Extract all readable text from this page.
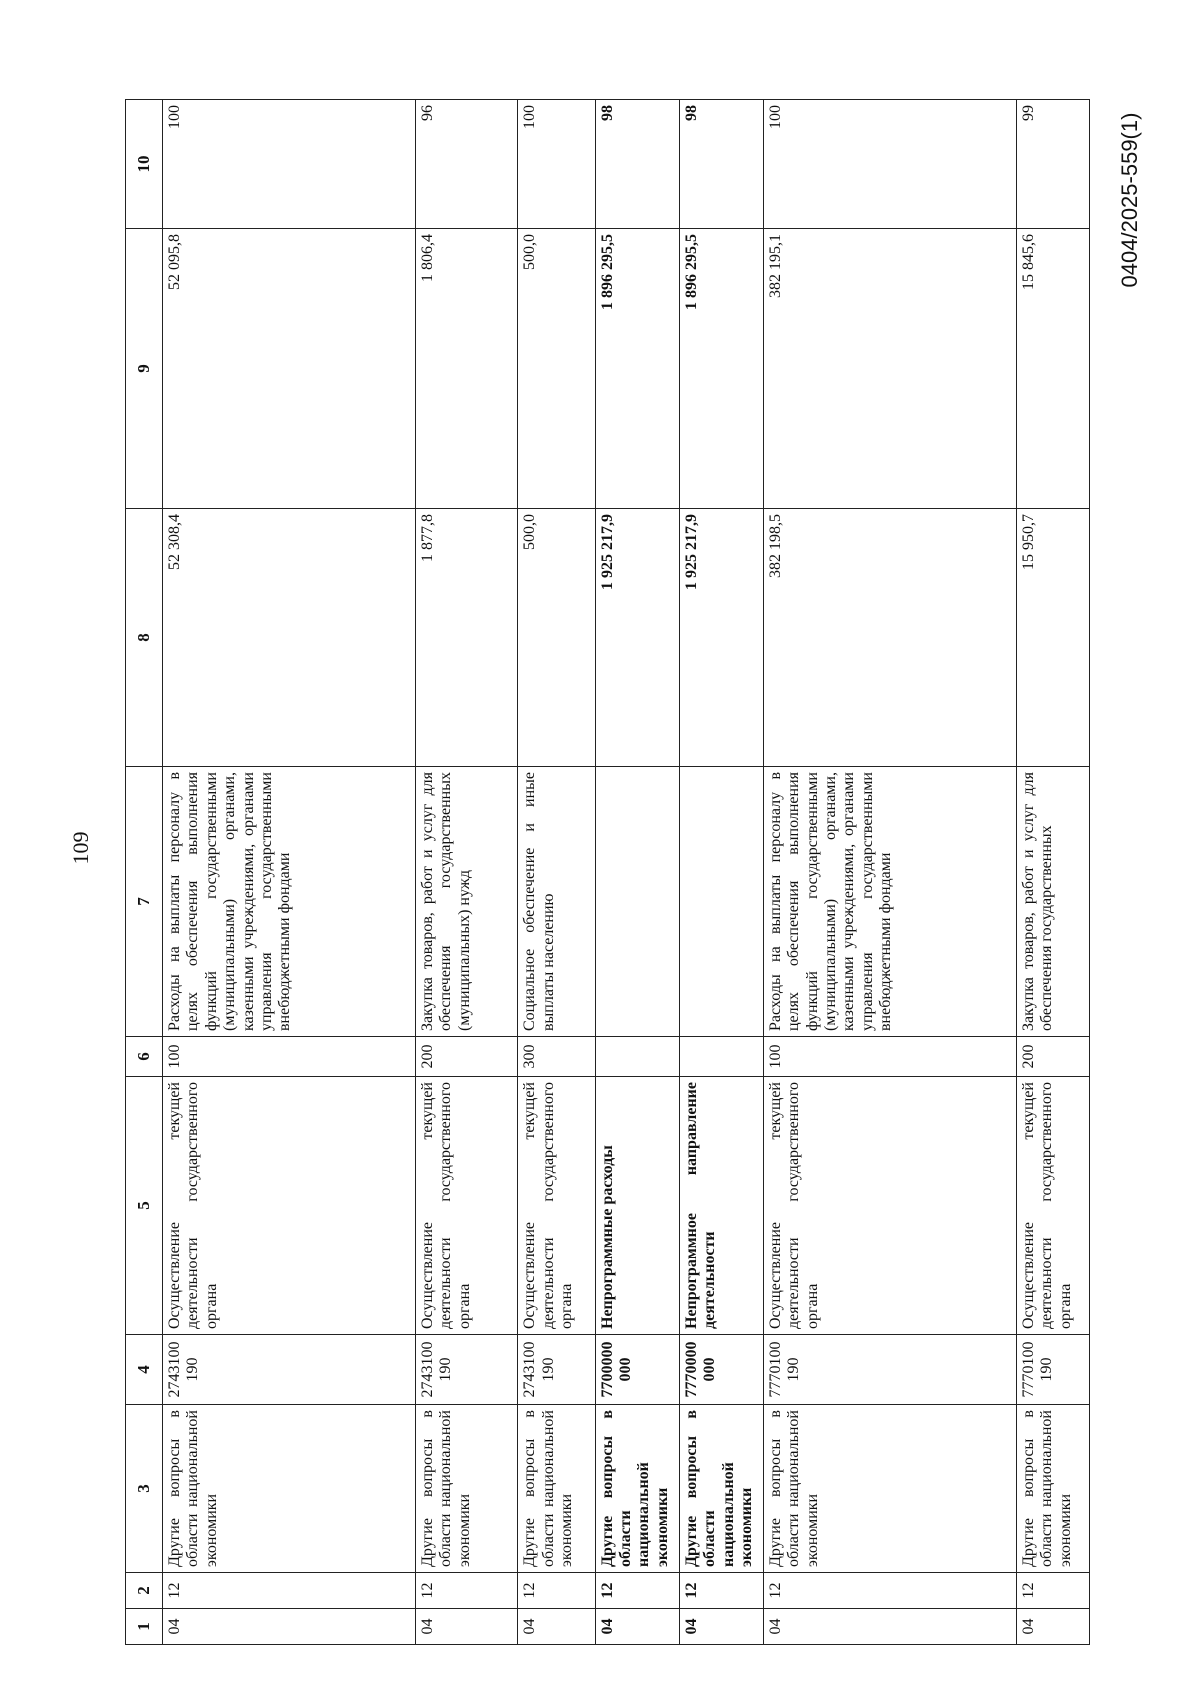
109
0404/2025-559(1)
1	2	3	4	5	6	7	8	9	10
04	12	Другие вопросы в области национальной экономики	2743100 190	Осуществление текущей деятельности государственного органа	100	Расходы на выплаты персоналу в целях обеспечения выполнения функций государственными (муниципальными) органами, казенными учреждениями, органами управления государственными внебюджетными фондами	52 308,4	52 095,8	100
04	12	Другие вопросы в области национальной экономики	2743100 190	Осуществление текущей деятельности государственного органа	200	Закупка товаров, работ и услуг для обеспечения государственных (муниципальных) нужд	1 877,8	1 806,4	96
04	12	Другие вопросы в области национальной экономики	2743100 190	Осуществление текущей деятельности государственного органа	300	Социальное обеспечение и иные выплаты населению	500,0	500,0	100
04	12	Другие вопросы в области национальной экономики	7700000 000	Непрограммные расходы			1 925 217,9	1 896 295,5	98
04	12	Другие вопросы в области национальной экономики	7770000 000	Непрограммное направление деятельности			1 925 217,9	1 896 295,5	98
04	12	Другие вопросы в области национальной экономики	7770100 190	Осуществление текущей деятельности государственного органа	100	Расходы на выплаты персоналу в целях обеспечения выполнения функций государственными (муниципальными) органами, казенными учреждениями, органами управления государственными внебюджетными фондами	382 198,5	382 195,1	100
04	12	Другие вопросы в области национальной экономики	7770100 190	Осуществление текущей деятельности государственного органа	200	Закупка товаров, работ и услуг для обеспечения государственных	15 950,7	15 845,6	99
